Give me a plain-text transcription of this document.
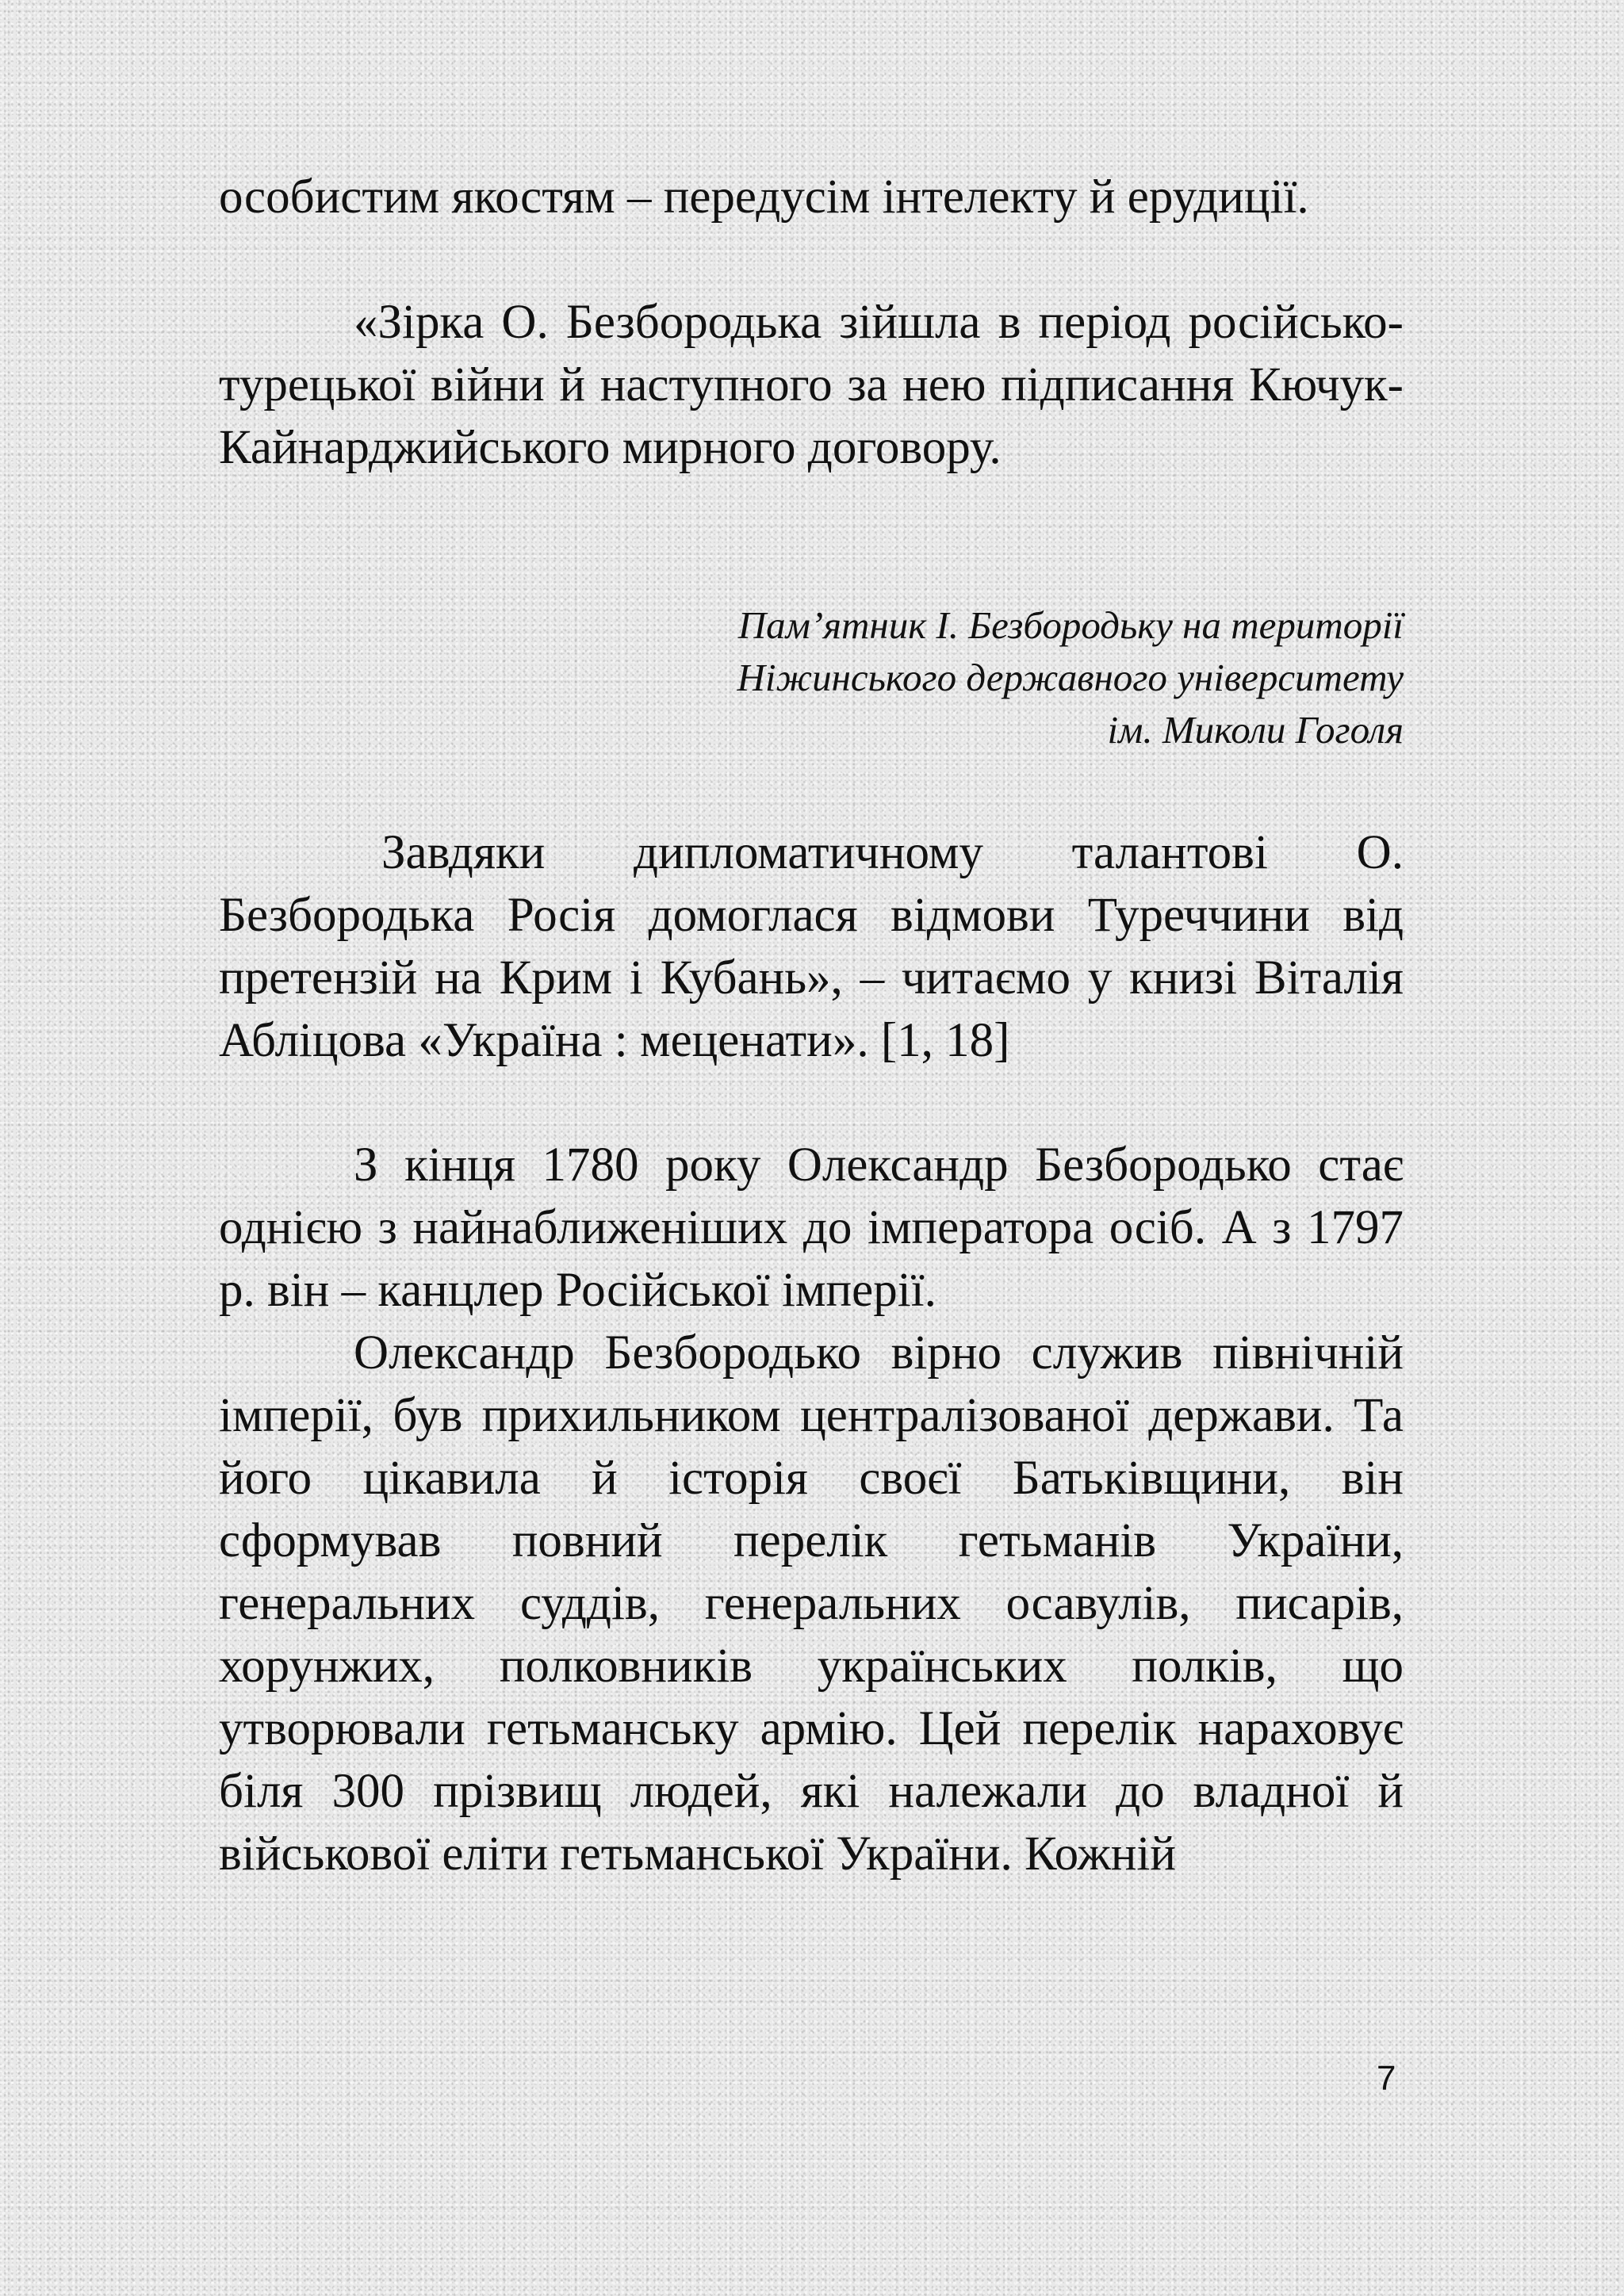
особистим якостям – передусім інтелекту й ерудиції.

«Зірка О. Безбородька зійшла в період російсько-турецької війни й наступного за нею підписання Кючук-Кайнарджийського мирного договору.

Пам’ятник І. Безбородьку на території
Ніжинського державного університету
ім. Миколи Гоголя

Завдяки дипломатичному талантові О. Безбородька Росія домоглася відмови Туреччини від претензій на Крим і Кубань», – читаємо у книзі Віталія Абліцова «Україна : меценати». [1, 18]

З кінця 1780 року Олександр Безбородько стає однією з найнаближеніших до імператора осіб. А з 1797 р. він – канцлер Російської імперії.

Олександр Безбородько вірно служив північній імперії, був прихильником централізованої держави. Та його цікавила й історія своєї Батьківщини, він сформував повний перелік гетьманів України, генеральних суддів, генеральних осавулів, писарів, хорунжих, полковників українських полків, що утворювали гетьманську армію. Цей перелік нараховує біля 300 прізвищ людей, які належали до владної й військової еліти гетьманської України. Кожній

7
